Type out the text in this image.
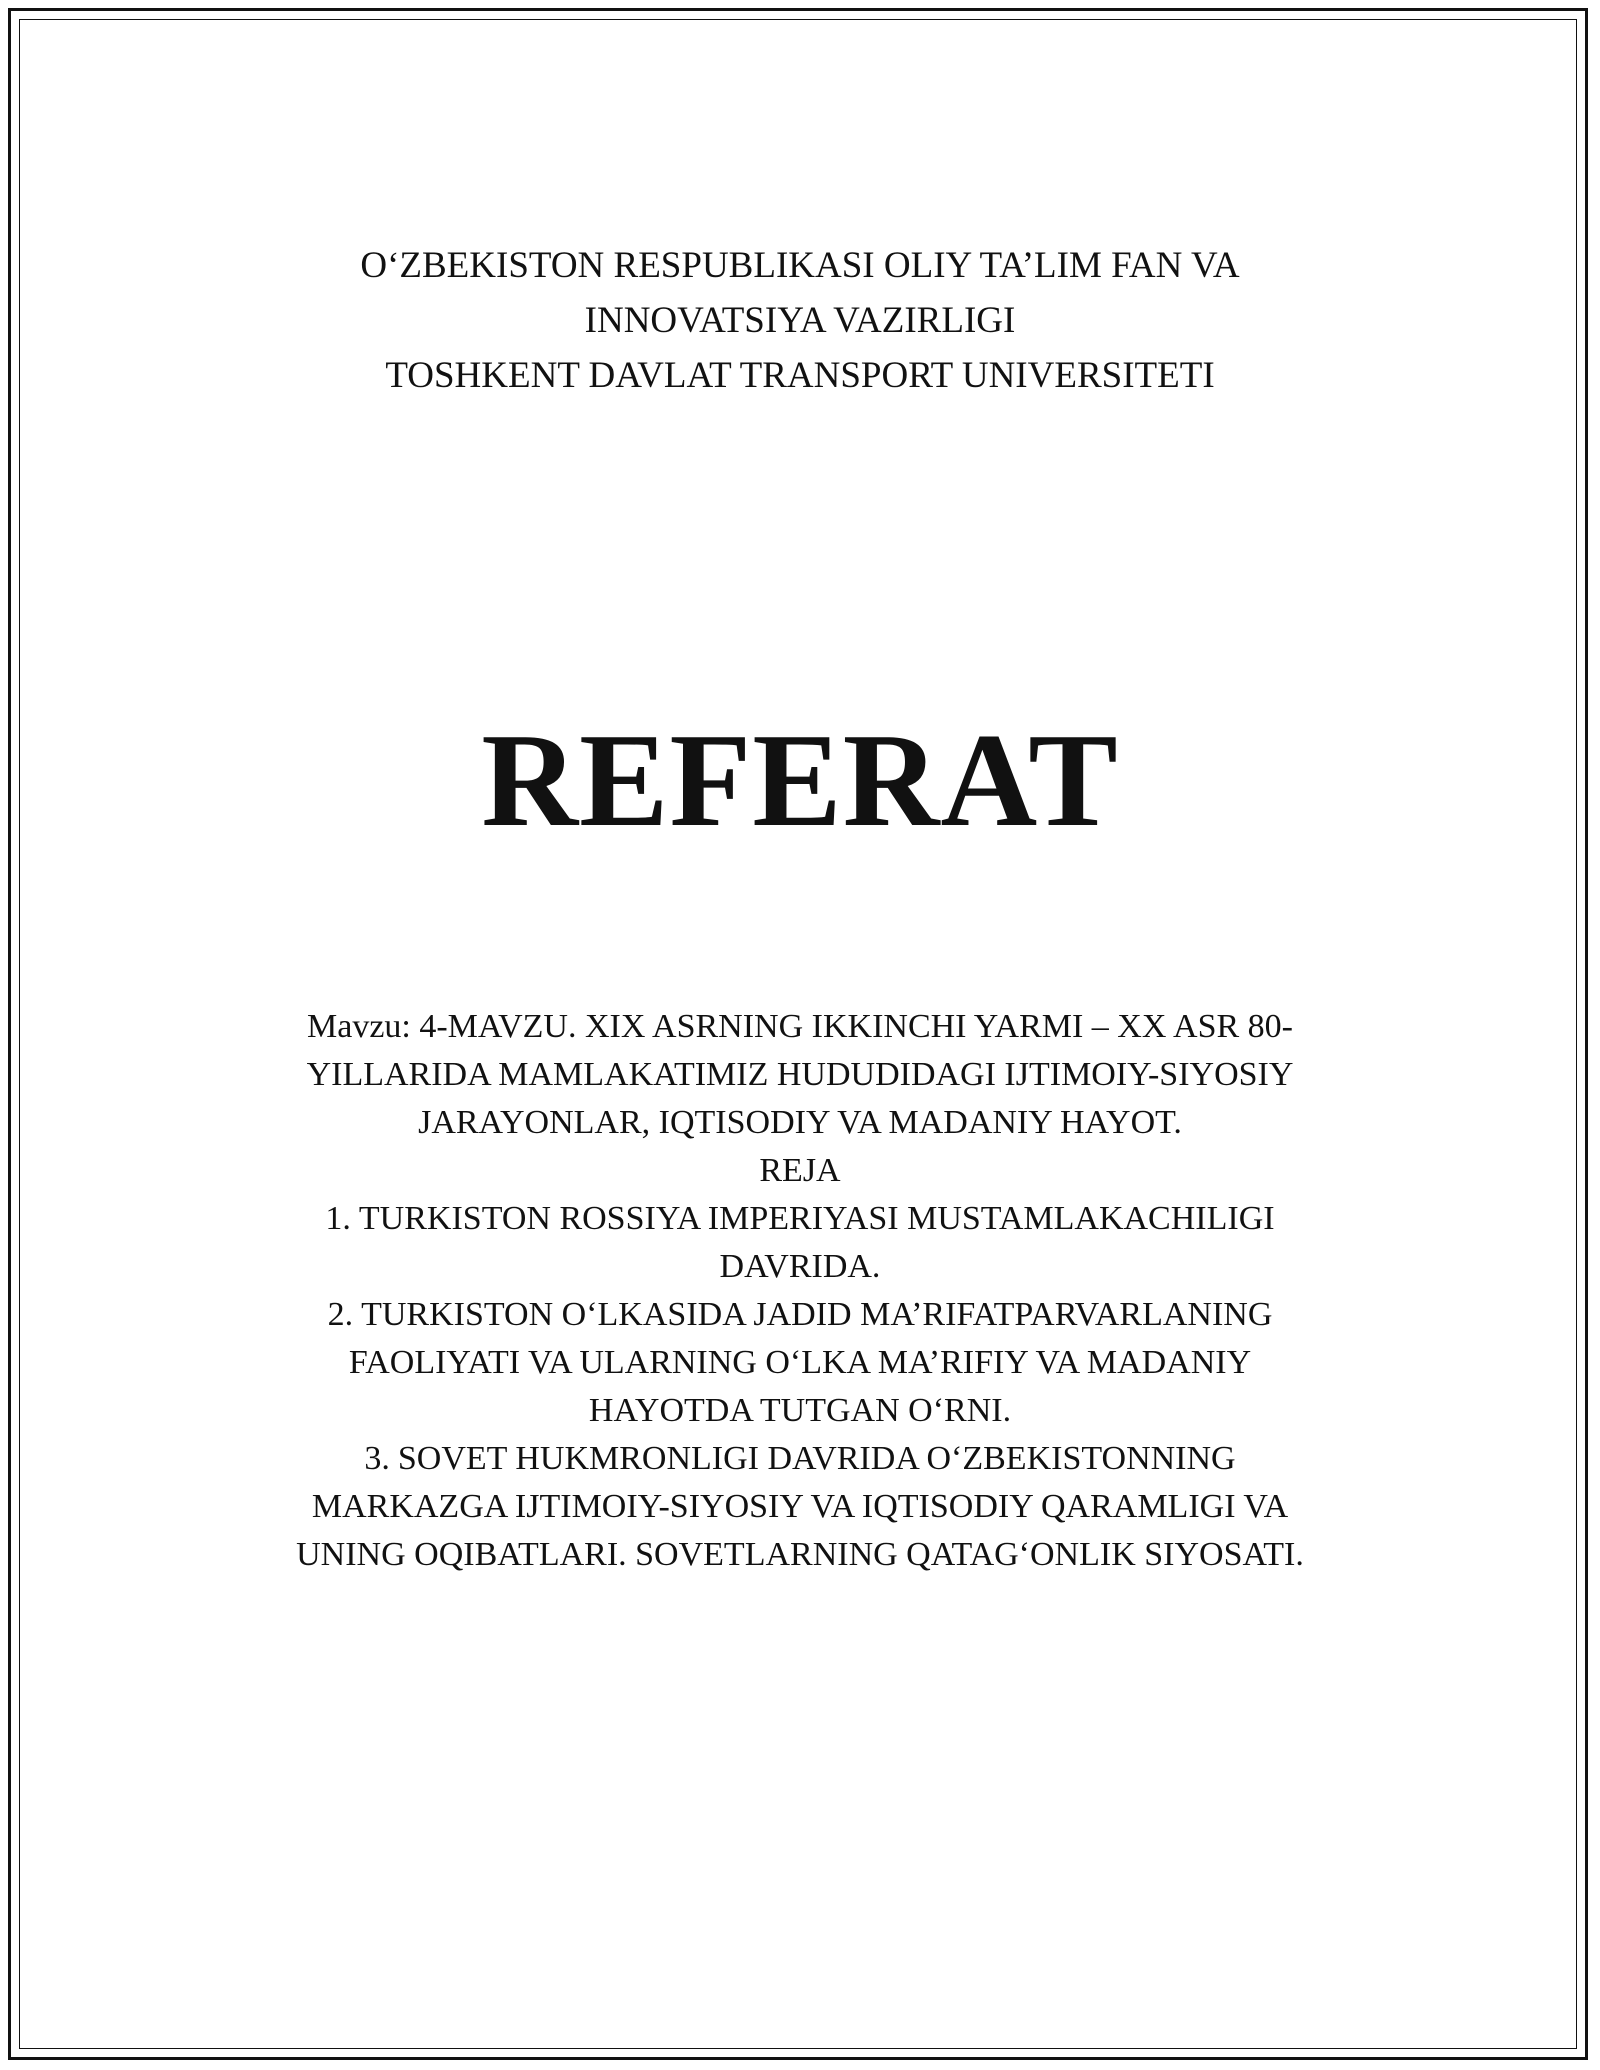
O‘ZBEKISTON RESPUBLIKASI OLIY TA’LIM FAN VA
INNOVATSIYA VAZIRLIGI
TOSHKENT DAVLAT TRANSPORT UNIVERSITETI
REFERAT
Mavzu: 4-MAVZU. XIX ASRNING IKKINCHI YARMI – XX ASR 80-
YILLARIDA MAMLAKATIMIZ HUDUDIDAGI IJTIMOIY-SIYOSIY
JARAYONLAR, IQTISODIY VA MADANIY HAYOT.
REJA
1. TURKISTON ROSSIYA IMPERIYASI MUSTAMLAKACHILIGI
DAVRIDA.
2. TURKISTON O‘LKASIDA JADID MA’RIFATPARVARLANING
FAOLIYATI VA ULARNING O‘LKA MA’RIFIY VA MADANIY
HAYOTDA TUTGAN O‘RNI.
3. SOVET HUKMRONLIGI DAVRIDA O‘ZBEKISTONNING
MARKAZGA IJTIMOIY-SIYOSIY VA IQTISODIY QARAMLIGI VA
UNING OQIBATLARI. SOVETLARNING QATAG‘ONLIK SIYOSATI.
